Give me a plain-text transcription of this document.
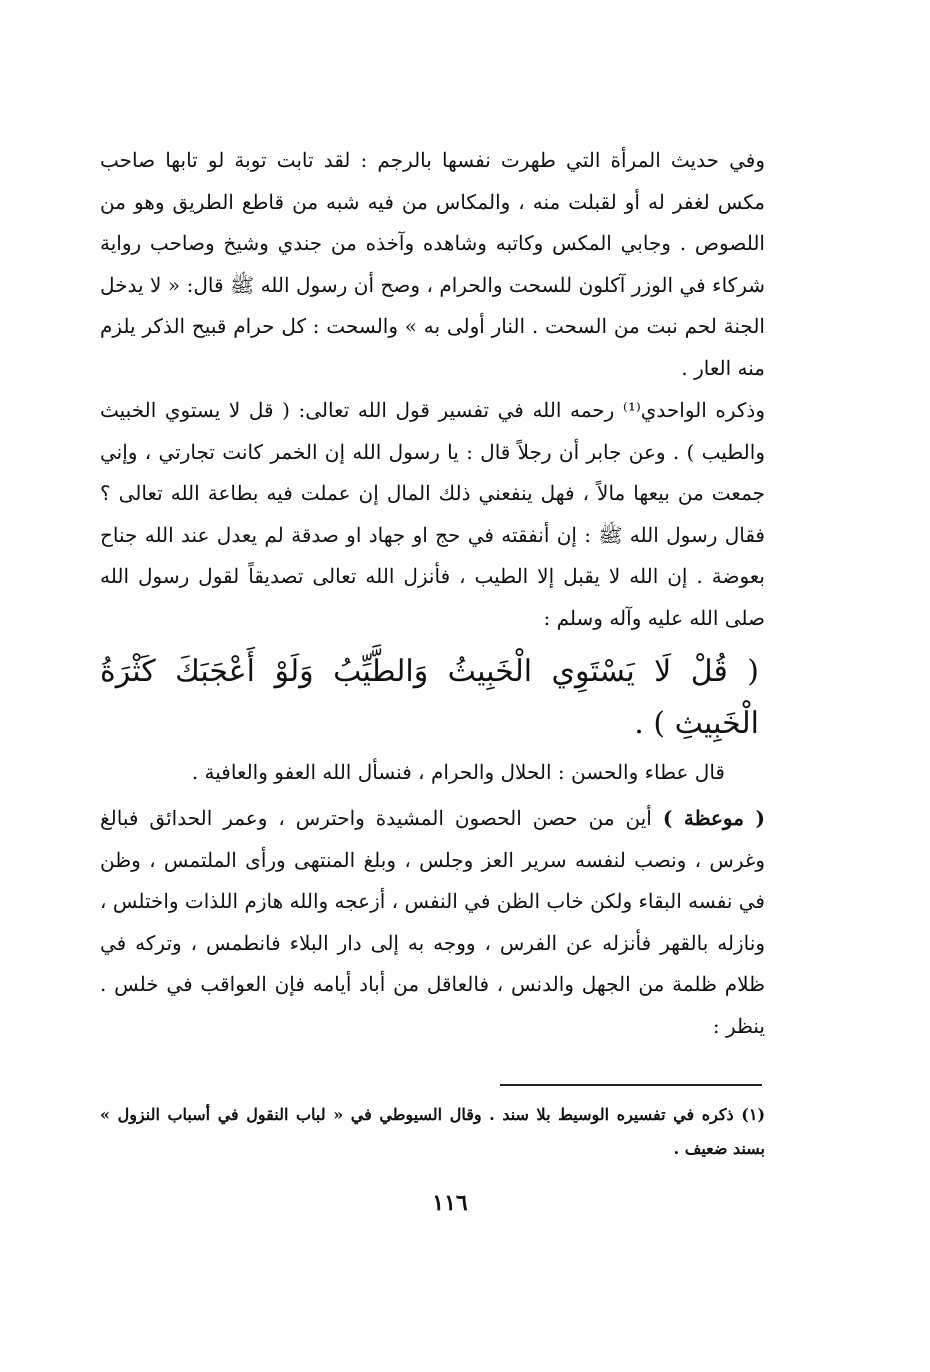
وفي حديث المرأة التي طهرت نفسها بالرجم : لقد تابت توبة لو تابها صاحب مكس لغفر له أو لقبلت منه ، والمكاس من فيه شبه من قاطع الطريق وهو من اللصوص . وجابي المكس وكاتبه وشاهده وآخذه من جندي وشيخ وصاحب رواية شركاء في الوزر آكلون للسحت والحرام ، وصح أن رسول الله ﷺ قال: « لا يدخل الجنة لحم نبت من السحت . النار أولى به » والسحت : كل حرام قبيح الذكر يلزم منه العار .

وذكره الواحدي⁽¹⁾ رحمه الله في تفسير قول الله تعالى: ( قل لا يستوي الخبيث والطيب ) . وعن جابر أن رجلاً قال : يا رسول الله إن الخمر كانت تجارتي ، وإني جمعت من بيعها مالاً ، فهل ينفعني ذلك المال إن عملت فيه بطاعة الله تعالى ؟ فقال رسول الله ﷺ : إن أنفقته في حج او جهاد او صدقة لم يعدل عند الله جناح بعوضة . إن الله لا يقبل إلا الطيب ، فأنزل الله تعالى تصديقاً لقول رسول الله صلى الله عليه وآله وسلم :

( قُلْ لَا يَسْتَوِي الْخَبِيثُ وَالطَّيِّبُ وَلَوْ أَعْجَبَكَ كَثْرَةُ الْخَبِيثِ ) .

قال عطاء والحسن : الحلال والحرام ، فنسأل الله العفو والعافية .

( موعظة ) أين من حصن الحصون المشيدة واحترس ، وعمر الحدائق فبالغ وغرس ، ونصب لنفسه سرير العز وجلس ، وبلغ المنتهى ورأى الملتمس ، وظن في نفسه البقاء ولكن خاب الظن في النفس ، أزعجه والله هازم اللذات واختلس ، ونازله بالقهر فأنزله عن الفرس ، ووجه به إلى دار البلاء فانطمس ، وتركه في ظلام ظلمة من الجهل والدنس ، فالعاقل من أباد أيامه فإن العواقب في خلس . ينظر :

(١) ذكره في تفسيره الوسيط بلا سند . وقال السيوطي في « لباب النقول في أسباب النزول » بسند ضعيف .

١١٦
